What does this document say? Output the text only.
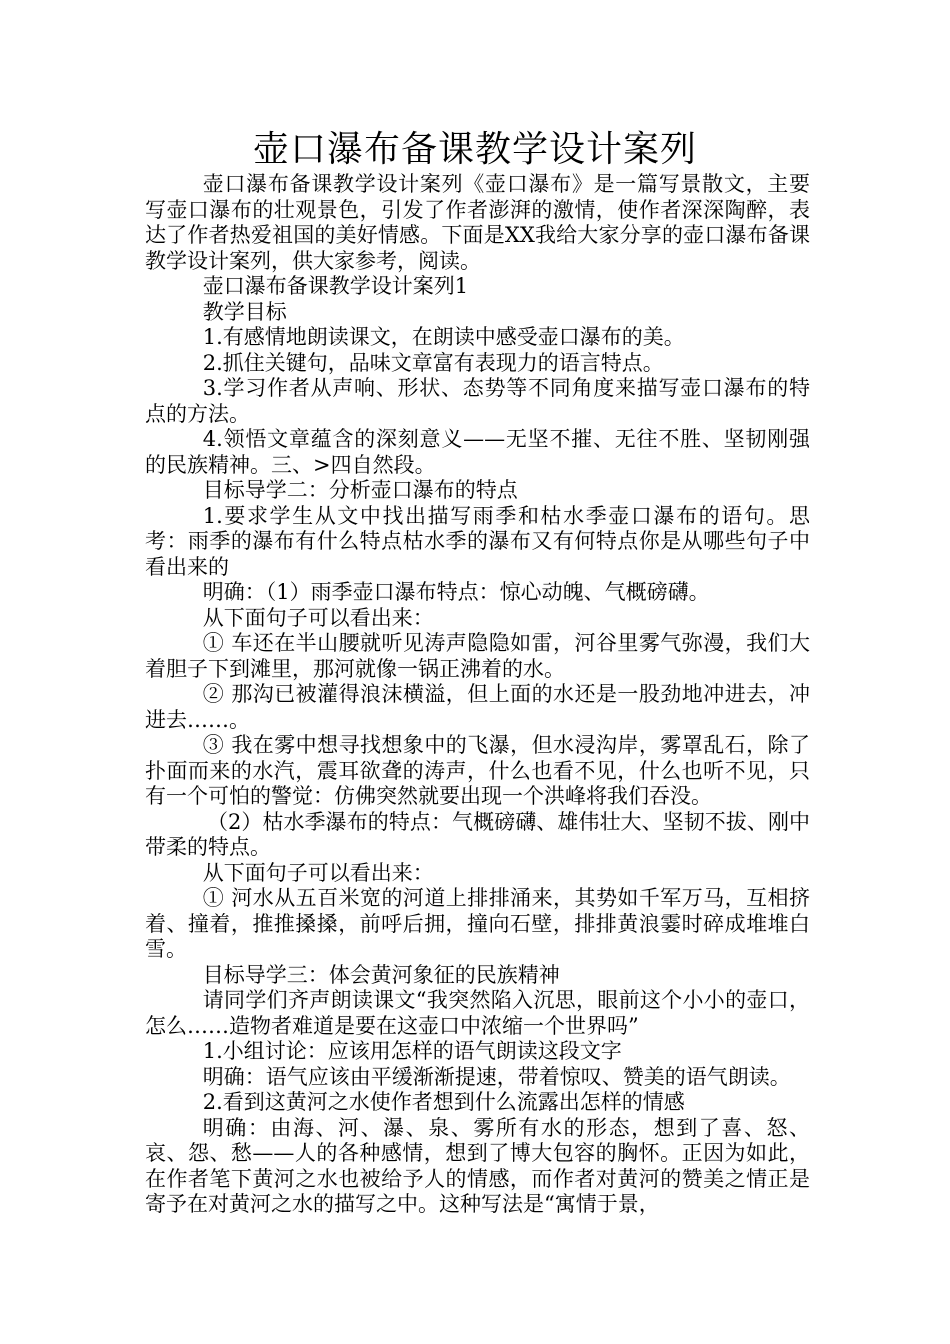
壶口瀑布备课教学设计案列

壶口瀑布备课教学设计案列《壶口瀑布》是一篇写景散文，主要写壶口瀑布的壮观景色，引发了作者澎湃的激情，使作者深深陶醉，表达了作者热爱祖国的美好情感。下面是XX我给大家分享的壶口瀑布备课教学设计案列，供大家参考，阅读。

壶口瀑布备课教学设计案列1

教学目标

1.有感情地朗读课文，在朗读中感受壶口瀑布的美。

2.抓住关键句，品味文章富有表现力的语言特点。

3.学习作者从声响、形状、态势等不同角度来描写壶口瀑布的特点的方法。

4.领悟文章蕴含的深刻意义——无坚不摧、无往不胜、坚韧刚强的民族精神。三、>四自然段。

目标导学二：分析壶口瀑布的特点

1.要求学生从文中找出描写雨季和枯水季壶口瀑布的语句。思考：雨季的瀑布有什么特点枯水季的瀑布又有何特点你是从哪些句子中看出来的

明确：（1）雨季壶口瀑布特点：惊心动魄、气概磅礴。

从下面句子可以看出来：

① 车还在半山腰就听见涛声隐隐如雷，河谷里雾气弥漫，我们大着胆子下到滩里，那河就像一锅正沸着的水。

② 那沟已被灌得浪沫横溢，但上面的水还是一股劲地冲进去，冲进去……。

③ 我在雾中想寻找想象中的飞瀑，但水浸沟岸，雾罩乱石，除了扑面而来的水汽，震耳欲聋的涛声，什么也看不见，什么也听不见，只有一个可怕的警觉：仿佛突然就要出现一个洪峰将我们吞没。

（2）枯水季瀑布的特点：气概磅礴、雄伟壮大、坚韧不拔、刚中带柔的特点。

从下面句子可以看出来：

① 河水从五百米宽的河道上排排涌来，其势如千军万马，互相挤着、撞着，推推搡搡，前呼后拥，撞向石壁，排排黄浪霎时碎成堆堆白雪。

目标导学三：体会黄河象征的民族精神

请同学们齐声朗读课文“我突然陷入沉思，眼前这个小小的壶口，怎么……造物者难道是要在这壶口中浓缩一个世界吗”

1.小组讨论：应该用怎样的语气朗读这段文字

明确：语气应该由平缓渐渐提速，带着惊叹、赞美的语气朗读。

2.看到这黄河之水使作者想到什么流露出怎样的情感

明确：由海、河、瀑、泉、雾所有水的形态，想到了喜、怒、哀、怨、愁——人的各种感情，想到了博大包容的胸怀。正因为如此，在作者笔下黄河之水也被给予人的情感，而作者对黄河的赞美之情正是寄予在对黄河之水的描写之中。这种写法是“寓情于景，
